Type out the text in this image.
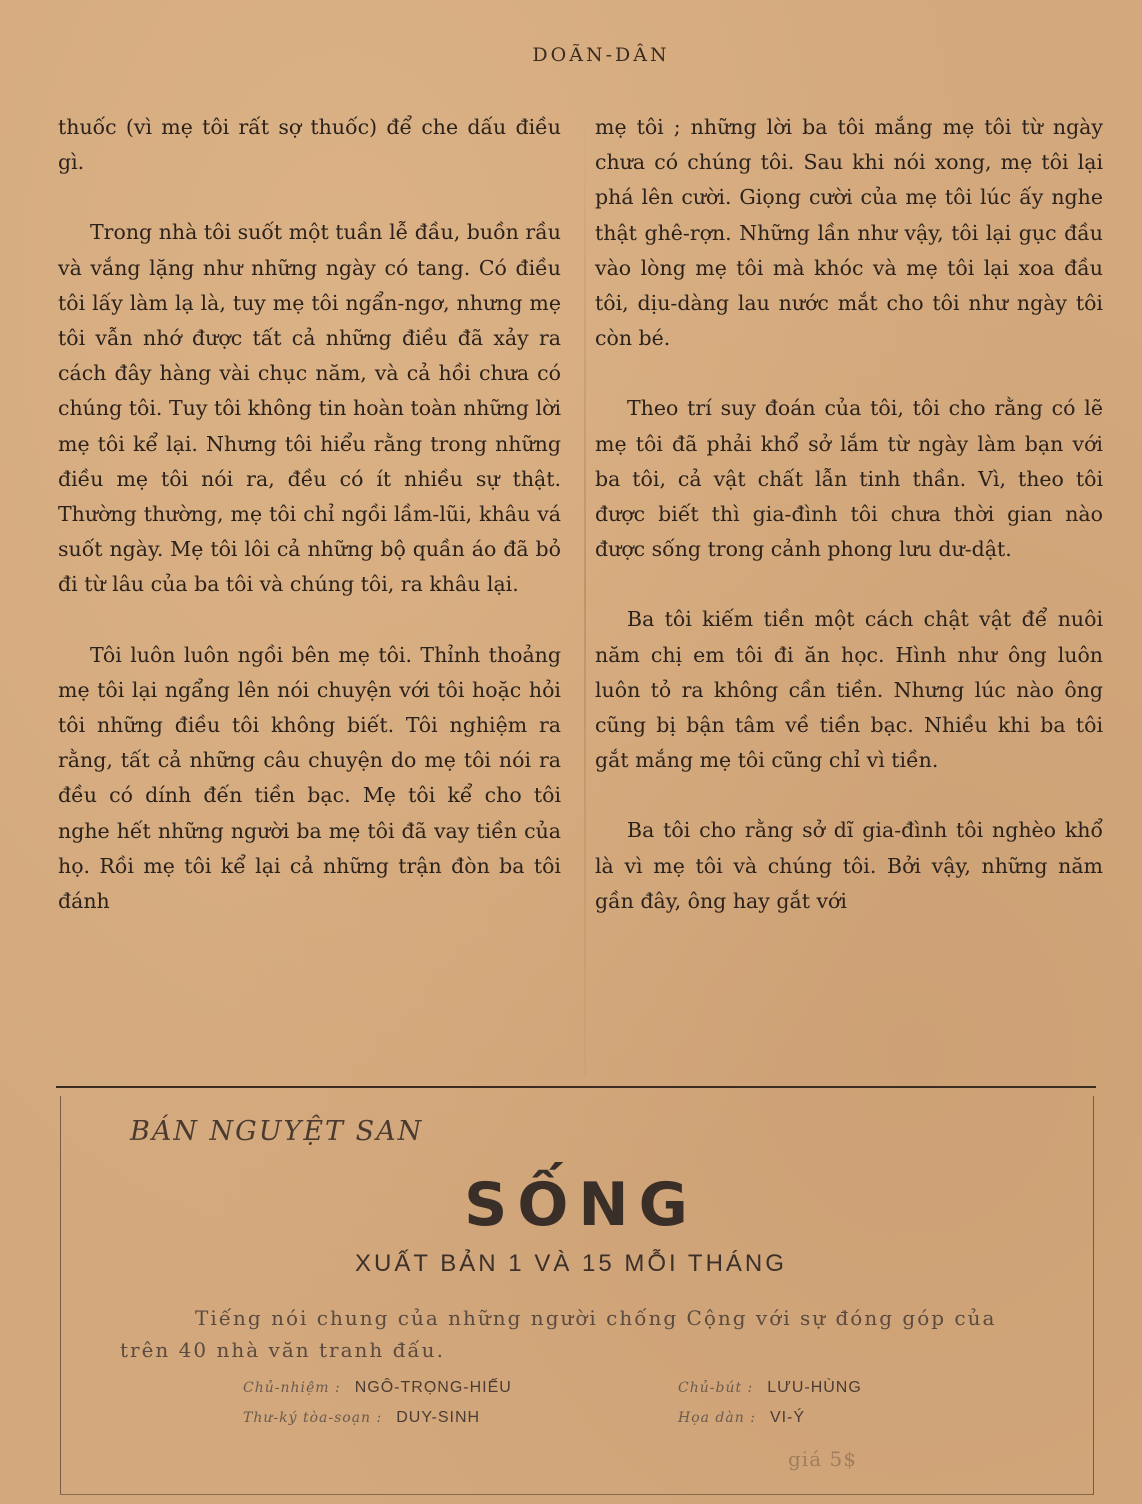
DOÃN-DÂN

thuốc (vì mẹ tôi rất sợ thuốc) để che dấu điều gì.

Trong nhà tôi suốt một tuần lễ đầu, buồn rầu và vắng lặng như những ngày có tang. Có điều tôi lấy làm lạ là, tuy mẹ tôi ngẩn-ngơ, nhưng mẹ tôi vẫn nhớ được tất cả những điều đã xảy ra cách đây hàng vài chục năm, và cả hồi chưa có chúng tôi. Tuy tôi không tin hoàn toàn những lời mẹ tôi kể lại. Nhưng tôi hiểu rằng trong những điều mẹ tôi nói ra, đều có ít nhiều sự thật. Thường thường, mẹ tôi chỉ ngồi lầm-lũi, khâu vá suốt ngày. Mẹ tôi lôi cả những bộ quần áo đã bỏ đi từ lâu của ba tôi và chúng tôi, ra khâu lại.

Tôi luôn luôn ngồi bên mẹ tôi. Thỉnh thoảng mẹ tôi lại ngẩng lên nói chuyện với tôi hoặc hỏi tôi những điều tôi không biết. Tôi nghiệm ra rằng, tất cả những câu chuyện do mẹ tôi nói ra đều có dính đến tiền bạc. Mẹ tôi kể cho tôi nghe hết những người ba mẹ tôi đã vay tiền của họ. Rồi mẹ tôi kể lại cả những trận đòn ba tôi đánh

mẹ tôi ; những lời ba tôi mắng mẹ tôi từ ngày chưa có chúng tôi. Sau khi nói xong, mẹ tôi lại phá lên cười. Giọng cười của mẹ tôi lúc ấy nghe thật ghê-rợn. Những lần như vậy, tôi lại gục đầu vào lòng mẹ tôi mà khóc và mẹ tôi lại xoa đầu tôi, dịu-dàng lau nước mắt cho tôi như ngày tôi còn bé.

Theo trí suy đoán của tôi, tôi cho rằng có lẽ mẹ tôi đã phải khổ sở lắm từ ngày làm bạn với ba tôi, cả vật chất lẫn tinh thần. Vì, theo tôi được biết thì gia-đình tôi chưa thời gian nào được sống trong cảnh phong lưu dư-dật.

Ba tôi kiếm tiền một cách chật vật để nuôi năm chị em tôi đi ăn học. Hình như ông luôn luôn tỏ ra không cần tiền. Nhưng lúc nào ông cũng bị bận tâm về tiền bạc. Nhiều khi ba tôi gắt mắng mẹ tôi cũng chỉ vì tiền.

Ba tôi cho rằng sở dĩ gia-đình tôi nghèo khổ là vì mẹ tôi và chúng tôi. Bởi vậy, những năm gần đây, ông hay gắt với

BÁN NGUYỆT SAN
SỐNG
XUẤT BẢN 1 VÀ 15 MỖI THÁNG
Tiếng nói chung của những người chống Cộng với sự đóng góp của trên 40 nhà văn tranh đấu.
Chủ-nhiệm : NGÔ-TRỌNG-HIẾU
Thư-ký tòa-soạn : DUY-SINH
Chủ-bút : LƯU-HÙNG
Họa dàn : VI-Ý
giá 5$
